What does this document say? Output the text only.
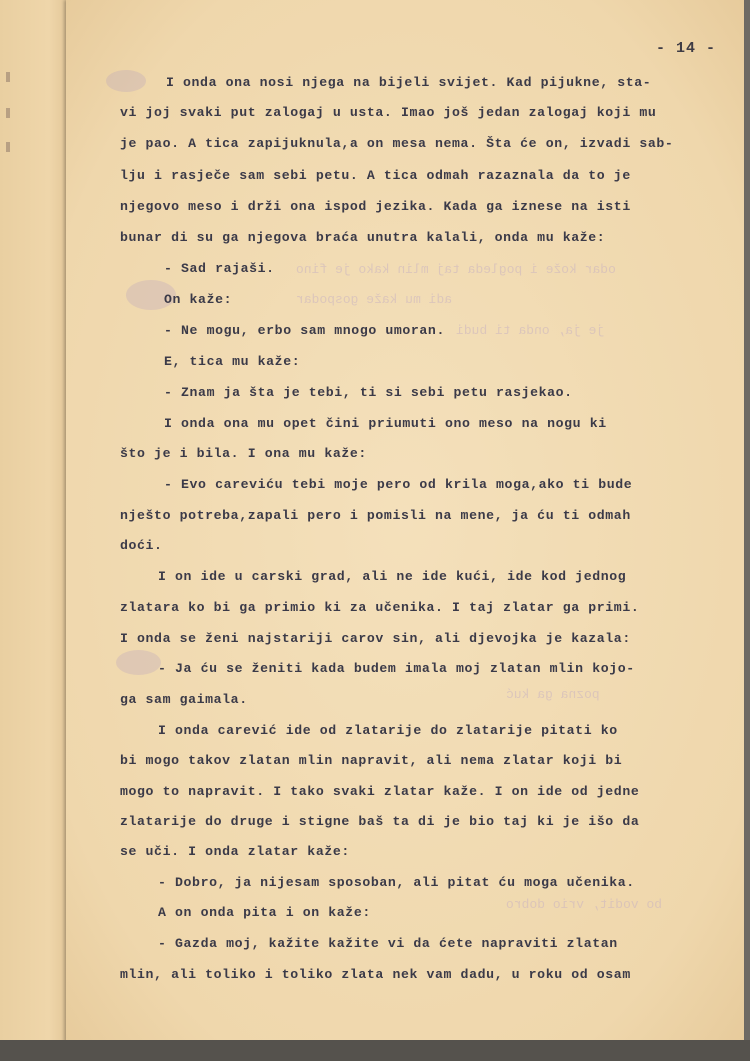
odar kože i pogleda taj mlin kako je fino
adi mu kaže gospodar
je ja, onda ti budi
pozna ga kuć
bo vodit, vrio dobro
- 14 -
I onda ona nosi njega na bijeli svijet. Kad pijukne, sta-
vi joj svaki put zalogaj u usta. Imao još jedan zalogaj koji mu
je pao. A tica zapijuknula,a on mesa nema. Šta će on, izvadi sab-
lju i rasječe sam sebi petu. A tica odmah razaznala da to je
njegovo meso i drži ona ispod jezika. Kada ga iznese na isti
bunar di su ga njegova braća unutra kalali, onda mu kaže:
- Sad rajaši.
On kaže:
- Ne mogu, erbo sam mnogo umoran.
E, tica mu kaže:
- Znam ja šta je tebi, ti si sebi petu rasjekao.
I onda ona mu opet čini priumuti ono meso na nogu ki
što je i bila. I ona mu kaže:
- Evo careviću tebi moje pero od krila moga,ako ti bude
nješto potreba,zapali pero i pomisli na mene, ja ću ti odmah
doći.
I on ide u carski grad, ali ne ide kući, ide kod jednog
zlatara ko bi ga primio ki za učenika. I taj zlatar ga primi.
I onda se ženi najstariji carov sin, ali djevojka je kazala:
- Ja ću se ženiti kada budem imala moj zlatan mlin kojo-
ga sam gaimala.
I onda carević ide od zlatarije do zlatarije pitati ko
bi mogo takov zlatan mlin napravit, ali nema zlatar koji bi
mogo to napravit. I tako svaki zlatar kaže. I on ide od jedne
zlatarije do druge i stigne baš ta di je bio taj ki je išo da
se uči. I onda zlatar kaže:
- Dobro, ja nijesam sposoban, ali pitat ću moga učenika.
A on onda pita i on kaže:
- Gazda moj, kažite kažite vi da ćete napraviti zlatan
mlin, ali toliko i toliko zlata nek vam dadu, u roku od osam
